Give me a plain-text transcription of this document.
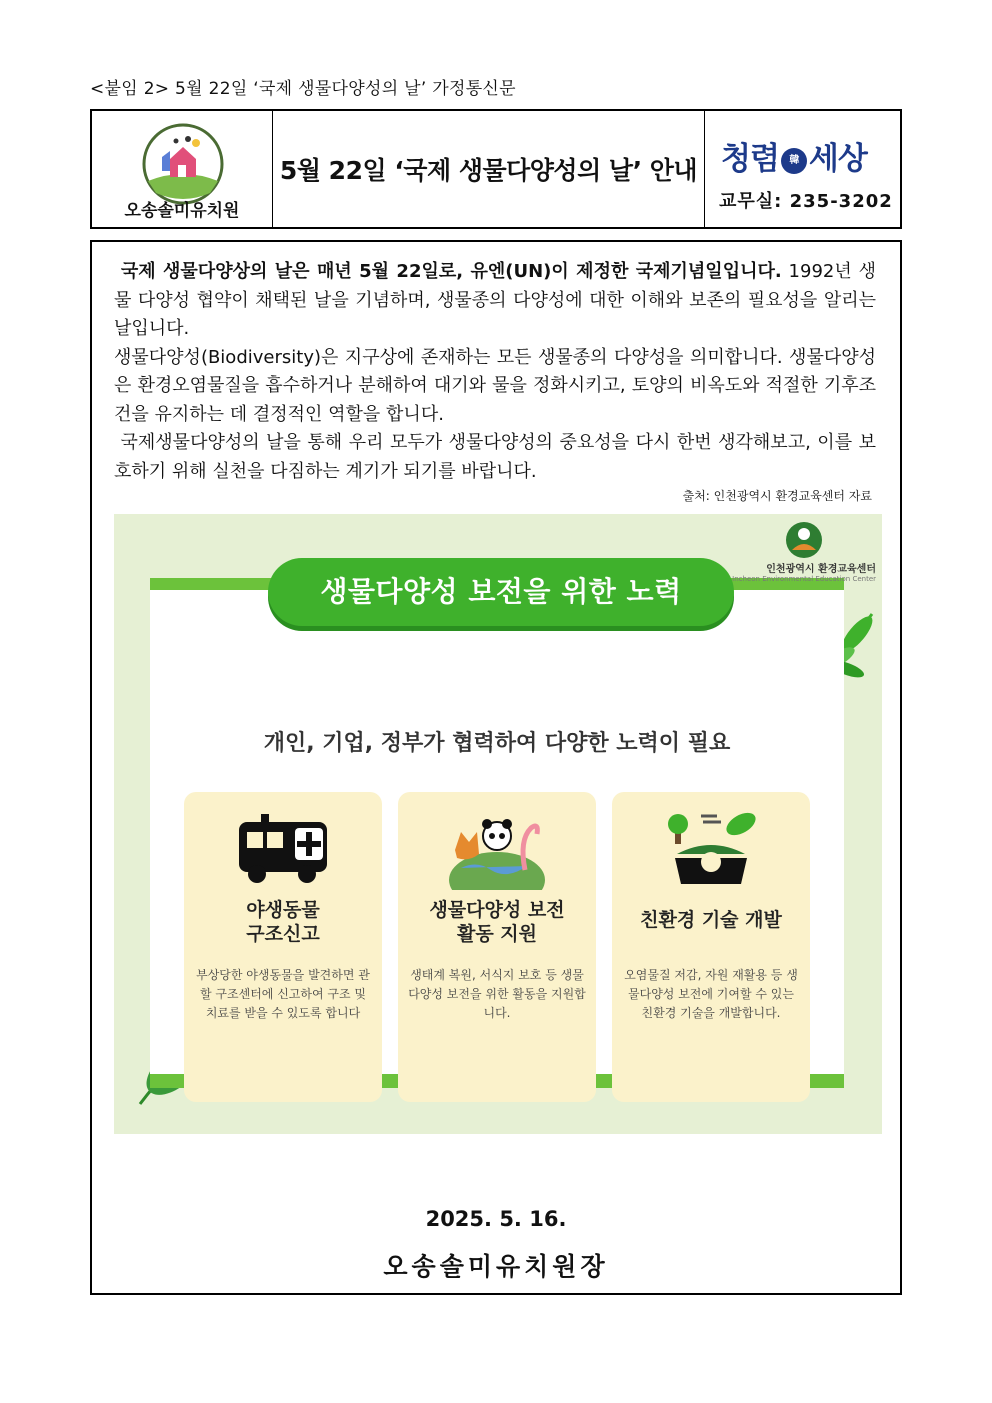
<붙임 2> 5월 22일 ‘국제 생물다양성의 날’ 가정통신문
오송솔미유치원
5월 22일 ‘국제 생물다양성의 날’ 안내 청렴 韓 세상
교무실: 235-3202

국제 생물다양상의 날은 매년 5월 22일로, 유엔(UN)이 제정한 국제기념일입니다. 1992년 생물 다양성 협약이 채택된 날을 기념하며, 생물종의 다양성에 대한 이해와 보존의 필요성을 알리는 날입니다.

생물다양성(Biodiversity)은 지구상에 존재하는 모든 생물종의 다양성을 의미합니다. 생물다양성은 환경오염물질을 흡수하거나 분해하여 대기와 물을 정화시키고, 토양의 비옥도와 적절한 기후조건을 유지하는 데 결정적인 역할을 합니다.

국제생물다양성의 날을 통해 우리 모두가 생물다양성의 중요성을 다시 한번 생각해보고, 이를 보호하기 위해 실천을 다짐하는 계기가 되기를 바랍니다.

출처: 인천광역시 환경교육센터 자료
야생동물
구조신고
부상당한 야생동물을 발견하면 관할 구조센터에 신고하여 구조 및 치료를 받을 수 있도록 합니다
생물다양성 보전
활동 지원
생태계 복원, 서식지 보호 등 생물다양성 보전을 위한 활동을 지원합니다.
친환경 기술 개발
오염물질 저감, 자원 재활용 등 생물다양성 보전에 기여할 수 있는 친환경 기술을 개발합니다.
개인, 기업, 정부가 협력하여 다양한 노력이 필요
생물다양성 보전을 위한 노력
인천광역시 환경교육센터
Incheon Environmental Education Center
2025. 5. 16.
오송솔미유치원장
